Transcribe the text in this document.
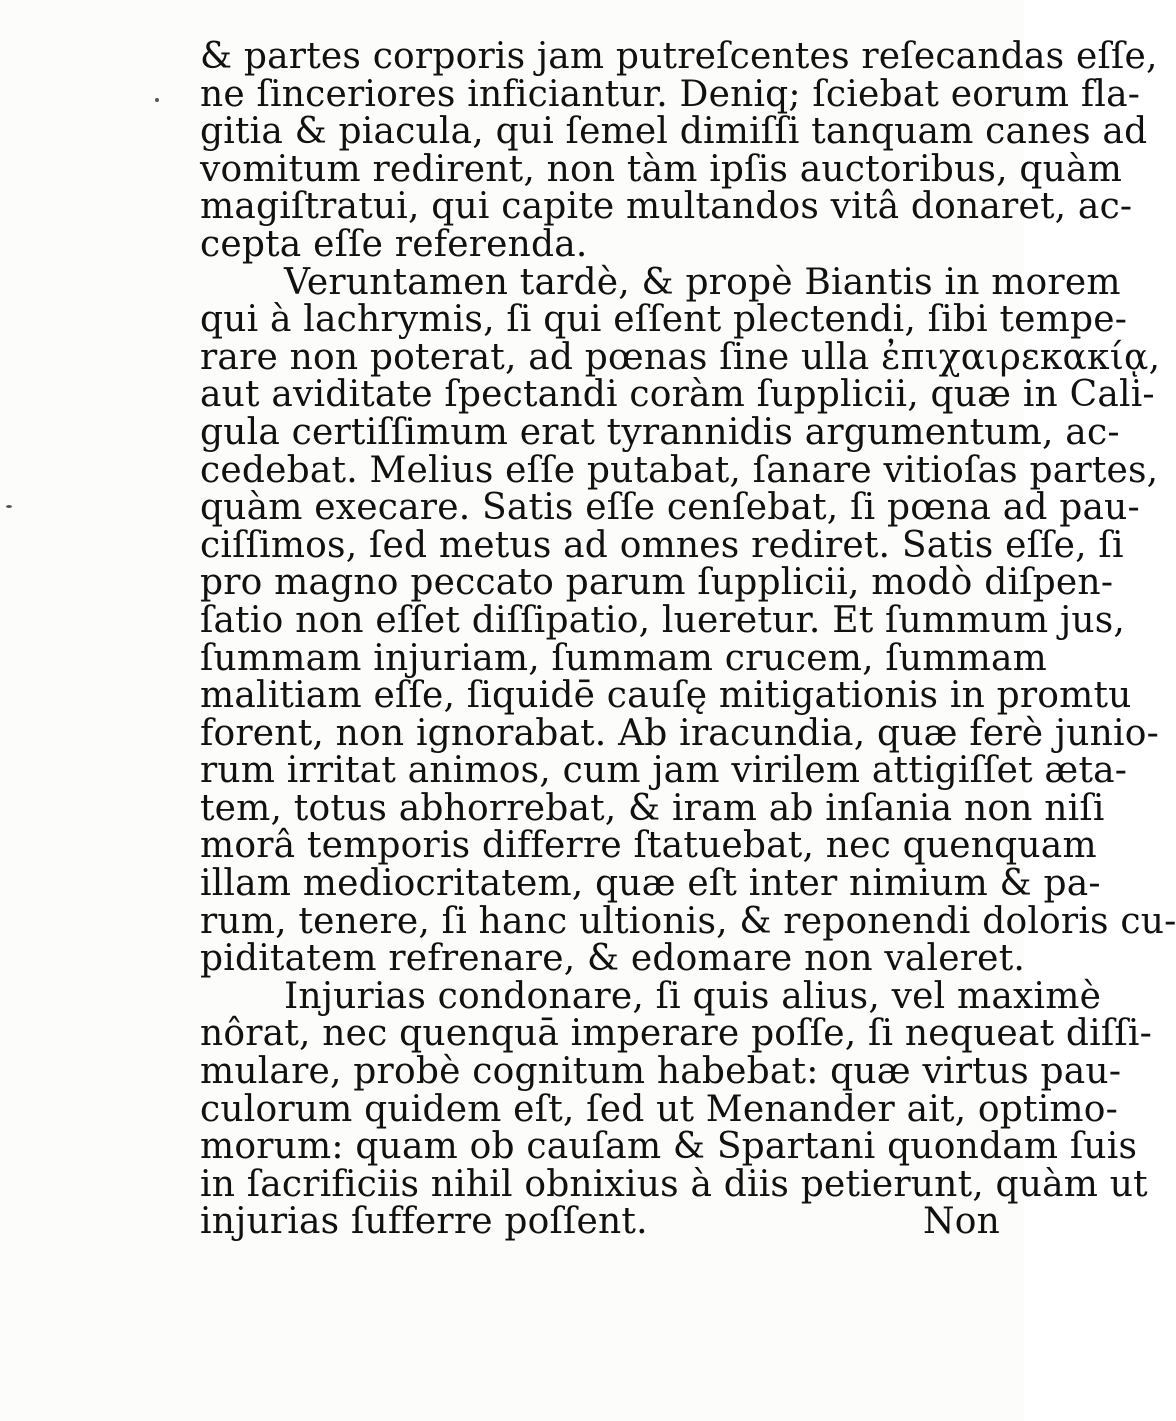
& partes corporis jam putreſcentes reſecandas eſſe,
ne ſinceriores inficiantur. Deniq; ſciebat eorum fla-
gitia & piacula, qui ſemel dimiſſi tanquam canes ad
vomitum redirent, non tàm ipſis auctoribus, quàm
magiſtratui, qui capite multandos vitâ donaret, ac-
cepta eſſe referenda.
Veruntamen tardè, & propè Biantis in morem
qui à lachrymis, ſi qui eſſent plectendi, ſibi tempe-
rare non poterat, ad pœnas ſine ulla ἐπιχαιρεκακίᾳ,
aut aviditate ſpectandi coràm ſupplicii, quæ in Cali-
gula certiſſimum erat tyrannidis argumentum, ac-
cedebat. Melius eſſe putabat, ſanare vitioſas partes,
quàm execare. Satis eſſe cenſebat, ſi pœna ad pau-
ciſſimos, ſed metus ad omnes rediret. Satis eſſe, ſi
pro magno peccato parum ſupplicii, modò diſpen-
ſatio non eſſet diſſipatio, lueretur. Et ſummum jus,
ſummam injuriam, ſummam crucem, ſummam
malitiam eſſe, ſiquidē cauſę mitigationis in promtu
forent, non ignorabat. Ab iracundia, quæ ferè junio-
rum irritat animos, cum jam virilem attigiſſet æta-
tem, totus abhorrebat, & iram ab inſania non niſi
morâ temporis differre ſtatuebat, nec quenquam
illam mediocritatem, quæ eſt inter nimium & pa-
rum, tenere, ſi hanc ultionis, & reponendi doloris cu-
piditatem refrenare, & edomare non valeret.
Injurias condonare, ſi quis alius, vel maximè
nôrat, nec quenquā imperare poſſe, ſi nequeat diſſi-
mulare, probè cognitum habebat: quæ virtus pau-
culorum quidem eſt, ſed ut Menander ait, optimo-
morum: quam ob cauſam & Spartani quondam ſuis
in ſacrificiis nihil obnixius à diis petierunt, quàm ut
injurias ſufferre poſſent.	Non
